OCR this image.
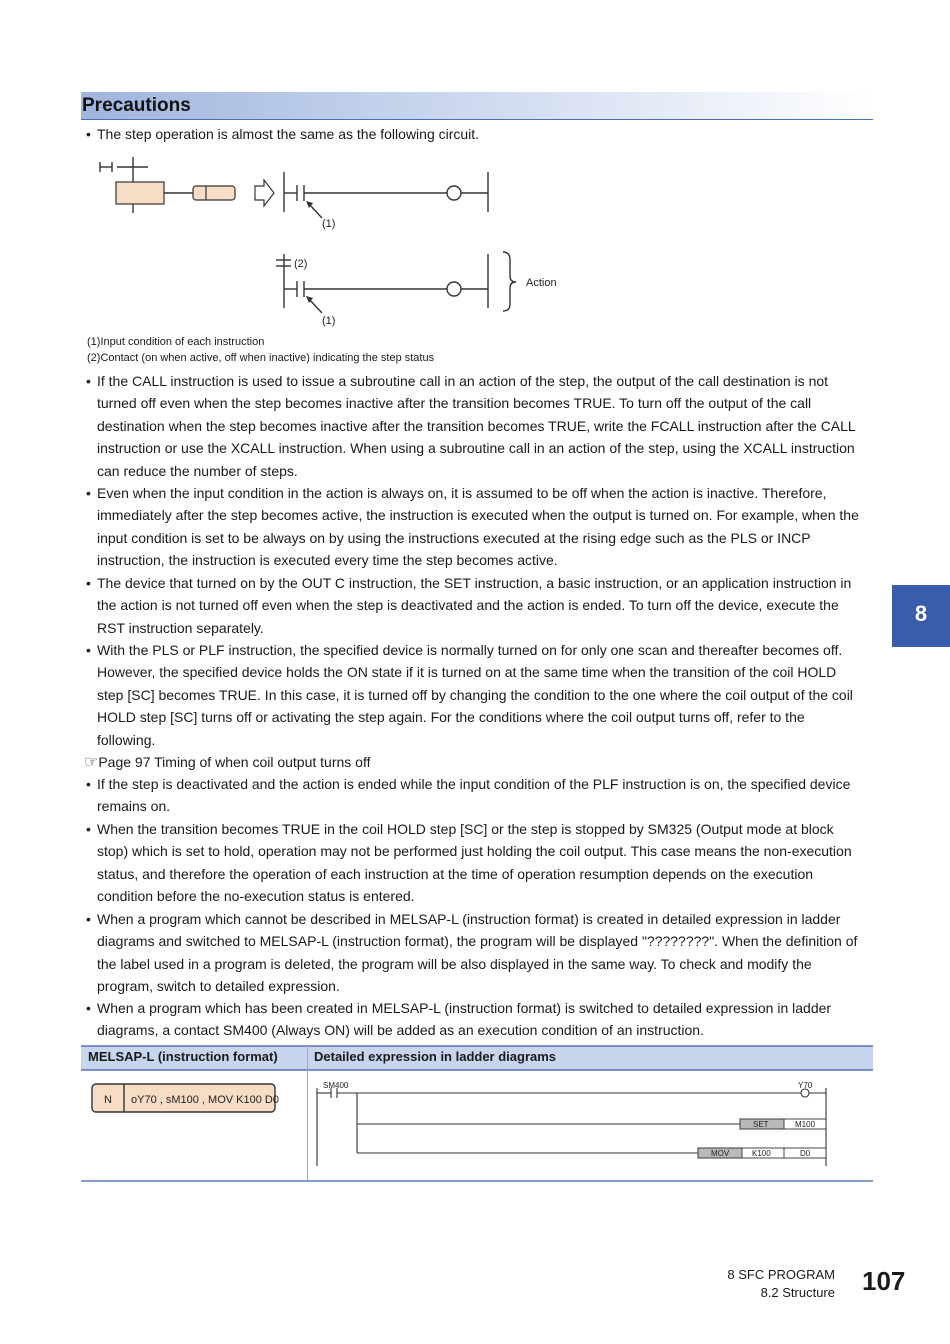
Precautions
• The step operation is almost the same as the following circuit.
(1)
(2)
(1)
Action
(1)Input condition of each instruction
(2)Contact (on when active, off when inactive) indicating the step status
• If the CALL instruction is used to issue a subroutine call in an action of the step, the output of the call destination is not
turned off even when the step becomes inactive after the transition becomes TRUE. To turn off the output of the call
destination when the step becomes inactive after the transition becomes TRUE, write the FCALL instruction after the CALL
instruction or use the XCALL instruction. When using a subroutine call in an action of the step, using the XCALL instruction
can reduce the number of steps.
• Even when the input condition in the action is always on, it is assumed to be off when the action is inactive. Therefore,
immediately after the step becomes active, the instruction is executed when the output is turned on. For example, when the
input condition is set to be always on by using the instructions executed at the rising edge such as the PLS or INCP
instruction, the instruction is executed every time the step becomes active.
• The device that turned on by the OUT C instruction, the SET instruction, a basic instruction, or an application instruction in
the action is not turned off even when the step is deactivated and the action is ended. To turn off the device, execute the
RST instruction separately.
• With the PLS or PLF instruction, the specified device is normally turned on for only one scan and thereafter becomes off.
However, the specified device holds the ON state if it is turned on at the same time when the transition of the coil HOLD
step [SC] becomes TRUE. In this case, it is turned off by changing the condition to the one where the coil output of the coil
HOLD step [SC] turns off or activating the step again. For the conditions where the coil output turns off, refer to the
following.
☞Page 97 Timing of when coil output turns off
• If the step is deactivated and the action is ended while the input condition of the PLF instruction is on, the specified device
remains on.
• When the transition becomes TRUE in the coil HOLD step [SC] or the step is stopped by SM325 (Output mode at block
stop) which is set to hold, operation may not be performed just holding the coil output. This case means the non-execution
status, and therefore the operation of each instruction at the time of operation resumption depends on the execution
condition before the no-execution status is entered.
• When a program which cannot be described in MELSAP-L (instruction format) is created in detailed expression in ladder
diagrams and switched to MELSAP-L (instruction format), the program will be displayed "????????". When the definition of
the label used in a program is deleted, the program will be also displayed in the same way. To check and modify the
program, switch to detailed expression.
• When a program which has been created in MELSAP-L (instruction format) is switched to detailed expression in ladder
diagrams, a contact SM400 (Always ON) will be added as an execution condition of an instruction.
8
MELSAP-L (instruction format)	Detailed expression in ladder diagrams
N oY70 , sM100 , MOV K100 D0
SM400	Y70
SET	M100
MOV	K100	D0
8 SFC PROGRAM
8.2 Structure 107
